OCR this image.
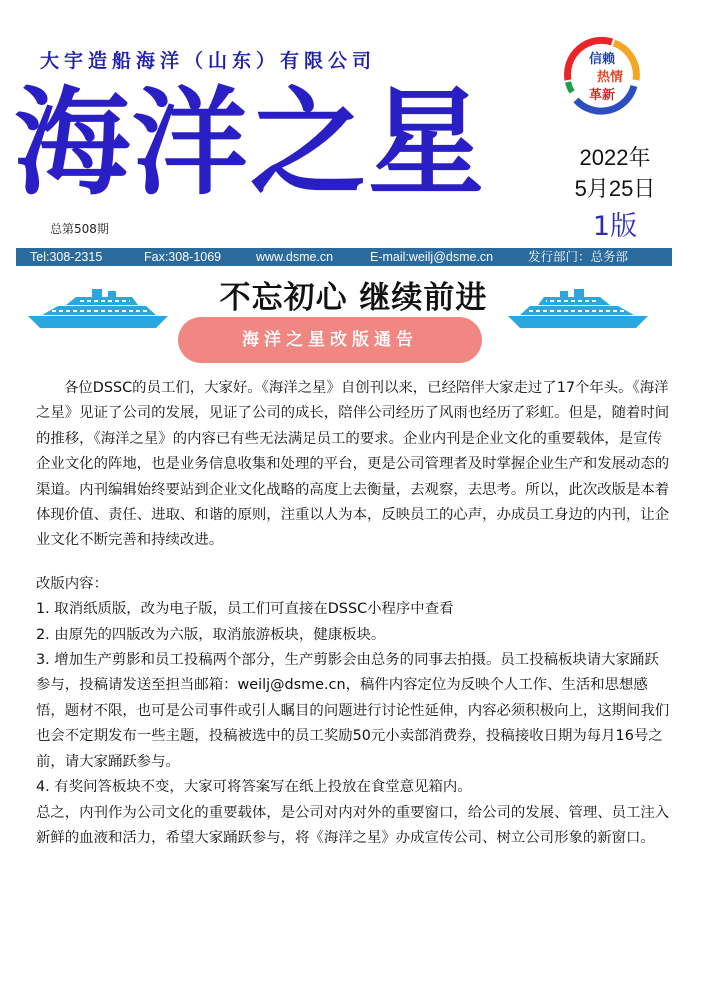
大宇造船海洋（山东）有限公司
海洋之星
总第508期
信赖
热情
革新
2022年
5月25日
1版
Tel:308-2315	Fax:308-1069	www.dsme.cn	E-mail:weilj@dsme.cn	发行部门：总务部
不忘初心 继续前进
海洋之星改版通告

各位DSSC的员工们，大家好。《海洋之星》自创刊以来，已经陪伴大家走过了17个年头。《海洋之星》见证了公司的发展，见证了公司的成长，陪伴公司经历了风雨也经历了彩虹。但是，随着时间的推移，《海洋之星》的内容已有些无法满足员工的要求。企业内刊是企业文化的重要载体，是宣传企业文化的阵地，也是业务信息收集和处理的平台，更是公司管理者及时掌握企业生产和发展动态的渠道。内刊编辑始终要站到企业文化战略的高度上去衡量，去观察，去思考。所以，此次改版是本着体现价值、责任、进取、和谐的原则，注重以人为本，反映员工的心声，办成员工身边的内刊，让企业文化不断完善和持续改进。

改版内容：

1. 取消纸质版，改为电子版，员工们可直接在DSSC小程序中查看

2. 由原先的四版改为六版，取消旅游板块，健康板块。

3. 增加生产剪影和员工投稿两个部分，生产剪影会由总务的同事去拍摄。员工投稿板块请大家踊跃参与，投稿请发送至担当邮箱：weilj@dsme.cn，稿件内容定位为反映个人工作、生活和思想感悟，题材不限，也可是公司事件或引人瞩目的问题进行讨论性延伸，内容必须积极向上，这期间我们也会不定期发布一些主题，投稿被选中的员工奖励50元小卖部消费券，投稿接收日期为每月16号之前，请大家踊跃参与。

4. 有奖问答板块不变，大家可将答案写在纸上投放在食堂意见箱内。

总之，内刊作为公司文化的重要载体，是公司对内对外的重要窗口，给公司的发展、管理、员工注入新鲜的血液和活力，希望大家踊跃参与，将《海洋之星》办成宣传公司、树立公司形象的新窗口。
